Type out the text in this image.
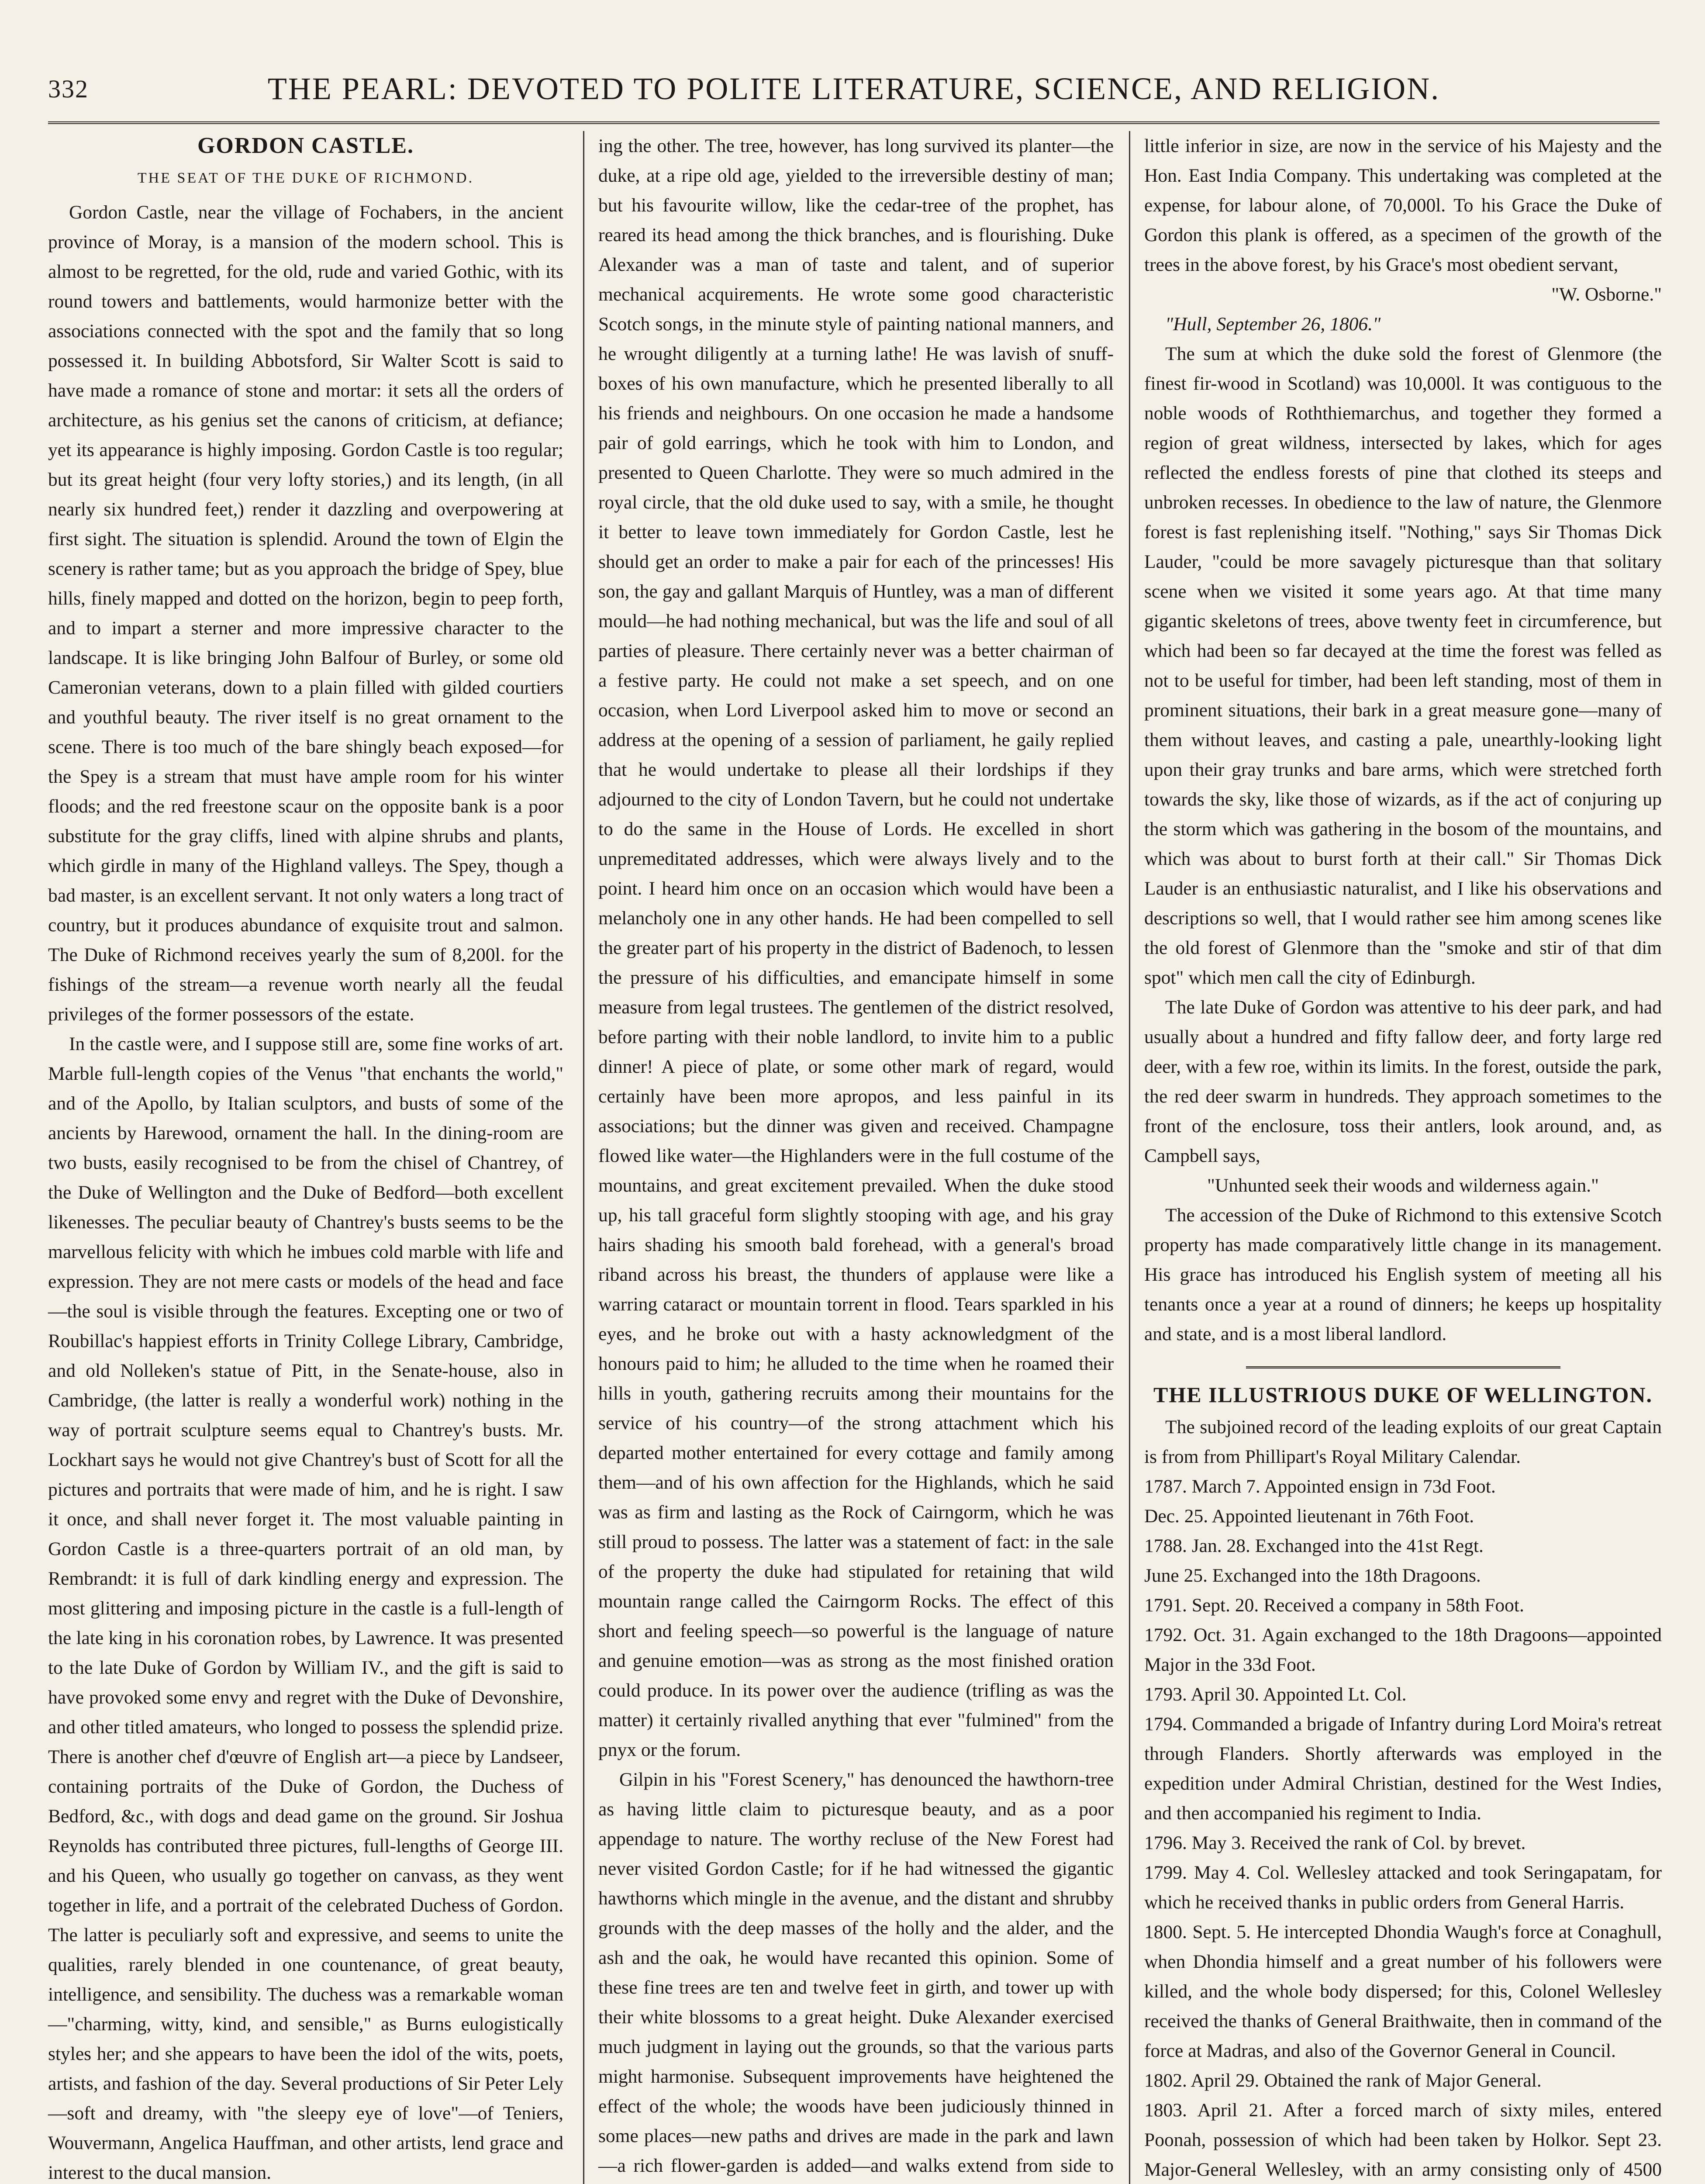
332	THE PEARL: DEVOTED TO POLITE LITERATURE, SCIENCE, AND RELIGION.
GORDON CASTLE.
THE SEAT OF THE DUKE OF RICHMOND.

Gordon Castle, near the village of Fochabers, in the ancient province of Moray, is a mansion of the modern school. This is almost to be regretted, for the old, rude and varied Gothic, with its round towers and battlements, would harmonize better with the associations connected with the spot and the family that so long possessed it. In building Abbotsford, Sir Walter Scott is said to have made a romance of stone and mortar: it sets all the orders of architecture, as his genius set the canons of criticism, at defiance; yet its appearance is highly imposing. Gordon Castle is too regular; but its great height (four very lofty stories,) and its length, (in all nearly six hundred feet,) render it dazzling and overpowering at first sight. The situation is splendid. Around the town of Elgin the scenery is rather tame; but as you approach the bridge of Spey, blue hills, finely mapped and dotted on the horizon, begin to peep forth, and to impart a sterner and more impressive character to the landscape. It is like bringing John Balfour of Burley, or some old Cameronian veterans, down to a plain filled with gilded courtiers and youthful beauty. The river itself is no great ornament to the scene. There is too much of the bare shingly beach exposed—for the Spey is a stream that must have ample room for his winter floods; and the red freestone scaur on the opposite bank is a poor substitute for the gray cliffs, lined with alpine shrubs and plants, which girdle in many of the Highland valleys. The Spey, though a bad master, is an excellent servant. It not only waters a long tract of country, but it produces abundance of exquisite trout and salmon. The Duke of Richmond receives yearly the sum of 8,200l. for the fishings of the stream—a revenue worth nearly all the feudal privileges of the former possessors of the estate.

In the castle were, and I suppose still are, some fine works of art. Marble full-length copies of the Venus "that enchants the world," and of the Apollo, by Italian sculptors, and busts of some of the ancients by Harewood, ornament the hall. In the dining-room are two busts, easily recognised to be from the chisel of Chantrey, of the Duke of Wellington and the Duke of Bedford—both excellent likenesses. The peculiar beauty of Chantrey's busts seems to be the marvellous felicity with which he imbues cold marble with life and expression. They are not mere casts or models of the head and face—the soul is visible through the features. Excepting one or two of Roubillac's happiest efforts in Trinity College Library, Cambridge, and old Nolleken's statue of Pitt, in the Senate-house, also in Cambridge, (the latter is really a wonderful work) nothing in the way of portrait sculpture seems equal to Chantrey's busts. Mr. Lockhart says he would not give Chantrey's bust of Scott for all the pictures and portraits that were made of him, and he is right. I saw it once, and shall never forget it. The most valuable painting in Gordon Castle is a three-quarters portrait of an old man, by Rembrandt: it is full of dark kindling energy and expression. The most glittering and imposing picture in the castle is a full-length of the late king in his coronation robes, by Lawrence. It was presented to the late Duke of Gordon by William IV., and the gift is said to have provoked some envy and regret with the Duke of Devonshire, and other titled amateurs, who longed to possess the splendid prize. There is another chef d'œuvre of English art—a piece by Landseer, containing portraits of the Duke of Gordon, the Duchess of Bedford, &c., with dogs and dead game on the ground. Sir Joshua Reynolds has contributed three pictures, full-lengths of George III. and his Queen, who usually go together on canvass, as they went together in life, and a portrait of the celebrated Duchess of Gordon. The latter is peculiarly soft and expressive, and seems to unite the qualities, rarely blended in one countenance, of great beauty, intelligence, and sensibility. The duchess was a remarkable woman—"charming, witty, kind, and sensible," as Burns eulogistically styles her; and she appears to have been the idol of the wits, poets, artists, and fashion of the day. Several productions of Sir Peter Lely—soft and dreamy, with "the sleepy eye of love"—of Teniers, Wouvermann, Angelica Hauffman, and other artists, lend grace and interest to the ducal mansion.

ing the other. The tree, however, has long survived its planter—the duke, at a ripe old age, yielded to the irreversible destiny of man; but his favourite willow, like the cedar-tree of the prophet, has reared its head among the thick branches, and is flourishing. Duke Alexander was a man of taste and talent, and of superior mechanical acquirements. He wrote some good characteristic Scotch songs, in the minute style of painting national manners, and he wrought diligently at a turning lathe! He was lavish of snuff-boxes of his own manufacture, which he presented liberally to all his friends and neighbours. On one occasion he made a handsome pair of gold earrings, which he took with him to London, and presented to Queen Charlotte. They were so much admired in the royal circle, that the old duke used to say, with a smile, he thought it better to leave town immediately for Gordon Castle, lest he should get an order to make a pair for each of the princesses! His son, the gay and gallant Marquis of Huntley, was a man of different mould—he had nothing mechanical, but was the life and soul of all parties of pleasure. There certainly never was a better chairman of a festive party. He could not make a set speech, and on one occasion, when Lord Liverpool asked him to move or second an address at the opening of a session of parliament, he gaily replied that he would undertake to please all their lordships if they adjourned to the city of London Tavern, but he could not undertake to do the same in the House of Lords. He excelled in short unpremeditated addresses, which were always lively and to the point. I heard him once on an occasion which would have been a melancholy one in any other hands. He had been compelled to sell the greater part of his property in the district of Badenoch, to lessen the pressure of his difficulties, and emancipate himself in some measure from legal trustees. The gentlemen of the district resolved, before parting with their noble landlord, to invite him to a public dinner! A piece of plate, or some other mark of regard, would certainly have been more apropos, and less painful in its associations; but the dinner was given and received. Champagne flowed like water—the Highlanders were in the full costume of the mountains, and great excitement prevailed. When the duke stood up, his tall graceful form slightly stooping with age, and his gray hairs shading his smooth bald forehead, with a general's broad riband across his breast, the thunders of applause were like a warring cataract or mountain torrent in flood. Tears sparkled in his eyes, and he broke out with a hasty acknowledgment of the honours paid to him; he alluded to the time when he roamed their hills in youth, gathering recruits among their mountains for the service of his country—of the strong attachment which his departed mother entertained for every cottage and family among them—and of his own affection for the Highlands, which he said was as firm and lasting as the Rock of Cairngorm, which he was still proud to possess. The latter was a statement of fact: in the sale of the property the duke had stipulated for retaining that wild mountain range called the Cairngorm Rocks. The effect of this short and feeling speech—so powerful is the language of nature and genuine emotion—was as strong as the most finished oration could produce. In its power over the audience (trifling as was the matter) it certainly rivalled anything that ever "fulmined" from the pnyx or the forum.

Gilpin in his "Forest Scenery," has denounced the hawthorn-tree as having little claim to picturesque beauty, and as a poor appendage to nature. The worthy recluse of the New Forest had never visited Gordon Castle; for if he had witnessed the gigantic hawthorns which mingle in the avenue, and the distant and shrubby grounds with the deep masses of the holly and the alder, and the ash and the oak, he would have recanted this opinion. Some of these fine trees are ten and twelve feet in girth, and tower up with their white blossoms to a great height. Duke Alexander exercised much judgment in laying out the grounds, so that the various parts might harmonise. Subsequent improvements have heightened the effect of the whole; the woods have been judiciously thinned in some places—new paths and drives are made in the park and lawn—a rich flower-garden is added—and walks extend from side to

little inferior in size, are now in the service of his Majesty and the Hon. East India Company. This undertaking was completed at the expense, for labour alone, of 70,000l. To his Grace the Duke of Gordon this plank is offered, as a specimen of the growth of the trees in the above forest, by his Grace's most obedient servant,

"W. Osborne."

"Hull, September 26, 1806."

The sum at which the duke sold the forest of Glenmore (the finest fir-wood in Scotland) was 10,000l. It was contiguous to the noble woods of Roththiemarchus, and together they formed a region of great wildness, intersected by lakes, which for ages reflected the endless forests of pine that clothed its steeps and unbroken recesses. In obedience to the law of nature, the Glenmore forest is fast replenishing itself. "Nothing," says Sir Thomas Dick Lauder, "could be more savagely picturesque than that solitary scene when we visited it some years ago. At that time many gigantic skeletons of trees, above twenty feet in circumference, but which had been so far decayed at the time the forest was felled as not to be useful for timber, had been left standing, most of them in prominent situations, their bark in a great measure gone—many of them without leaves, and casting a pale, unearthly-looking light upon their gray trunks and bare arms, which were stretched forth towards the sky, like those of wizards, as if the act of conjuring up the storm which was gathering in the bosom of the mountains, and which was about to burst forth at their call." Sir Thomas Dick Lauder is an enthusiastic naturalist, and I like his observations and descriptions so well, that I would rather see him among scenes like the old forest of Glenmore than the "smoke and stir of that dim spot" which men call the city of Edinburgh.

The late Duke of Gordon was attentive to his deer park, and had usually about a hundred and fifty fallow deer, and forty large red deer, with a few roe, within its limits. In the forest, outside the park, the red deer swarm in hundreds. They approach sometimes to the front of the enclosure, toss their antlers, look around, and, as Campbell says,

"Unhunted seek their woods and wilderness again."

The accession of the Duke of Richmond to this extensive Scotch property has made comparatively little change in its management. His grace has introduced his English system of meeting all his tenants once a year at a round of dinners; he keeps up hospitality and state, and is a most liberal landlord.

THE ILLUSTRIOUS DUKE OF WELLINGTON.

The subjoined record of the leading exploits of our great Captain is from from Phillipart's Royal Military Calendar.

1787. March 7. Appointed ensign in 73d Foot.

Dec. 25. Appointed lieutenant in 76th Foot.

1788. Jan. 28. Exchanged into the 41st Regt.

June 25. Exchanged into the 18th Dragoons.

1791. Sept. 20. Received a company in 58th Foot.

1792. Oct. 31. Again exchanged to the 18th Dragoons—appointed Major in the 33d Foot.

1793. April 30. Appointed Lt. Col.

1794. Commanded a brigade of Infantry during Lord Moira's retreat through Flanders. Shortly afterwards was employed in the expedition under Admiral Christian, destined for the West Indies, and then accompanied his regiment to India.

1796. May 3. Received the rank of Col. by brevet.

1799. May 4. Col. Wellesley attacked and took Seringapatam, for which he received thanks in public orders from General Harris.

1800. Sept. 5. He intercepted Dhondia Waugh's force at Conaghull, when Dhondia himself and a great number of his followers were killed, and the whole body dispersed; for this, Colonel Wellesley received the thanks of General Braithwaite, then in command of the force at Madras, and also of the Governor General in Council.

1802. April 29. Obtained the rank of Major General.

1803. April 21. After a forced march of sixty miles, entered Poonah, possession of which had been taken by Holkor. Sept 23. Major-General Wellesley, with an army consisting only of 4500
